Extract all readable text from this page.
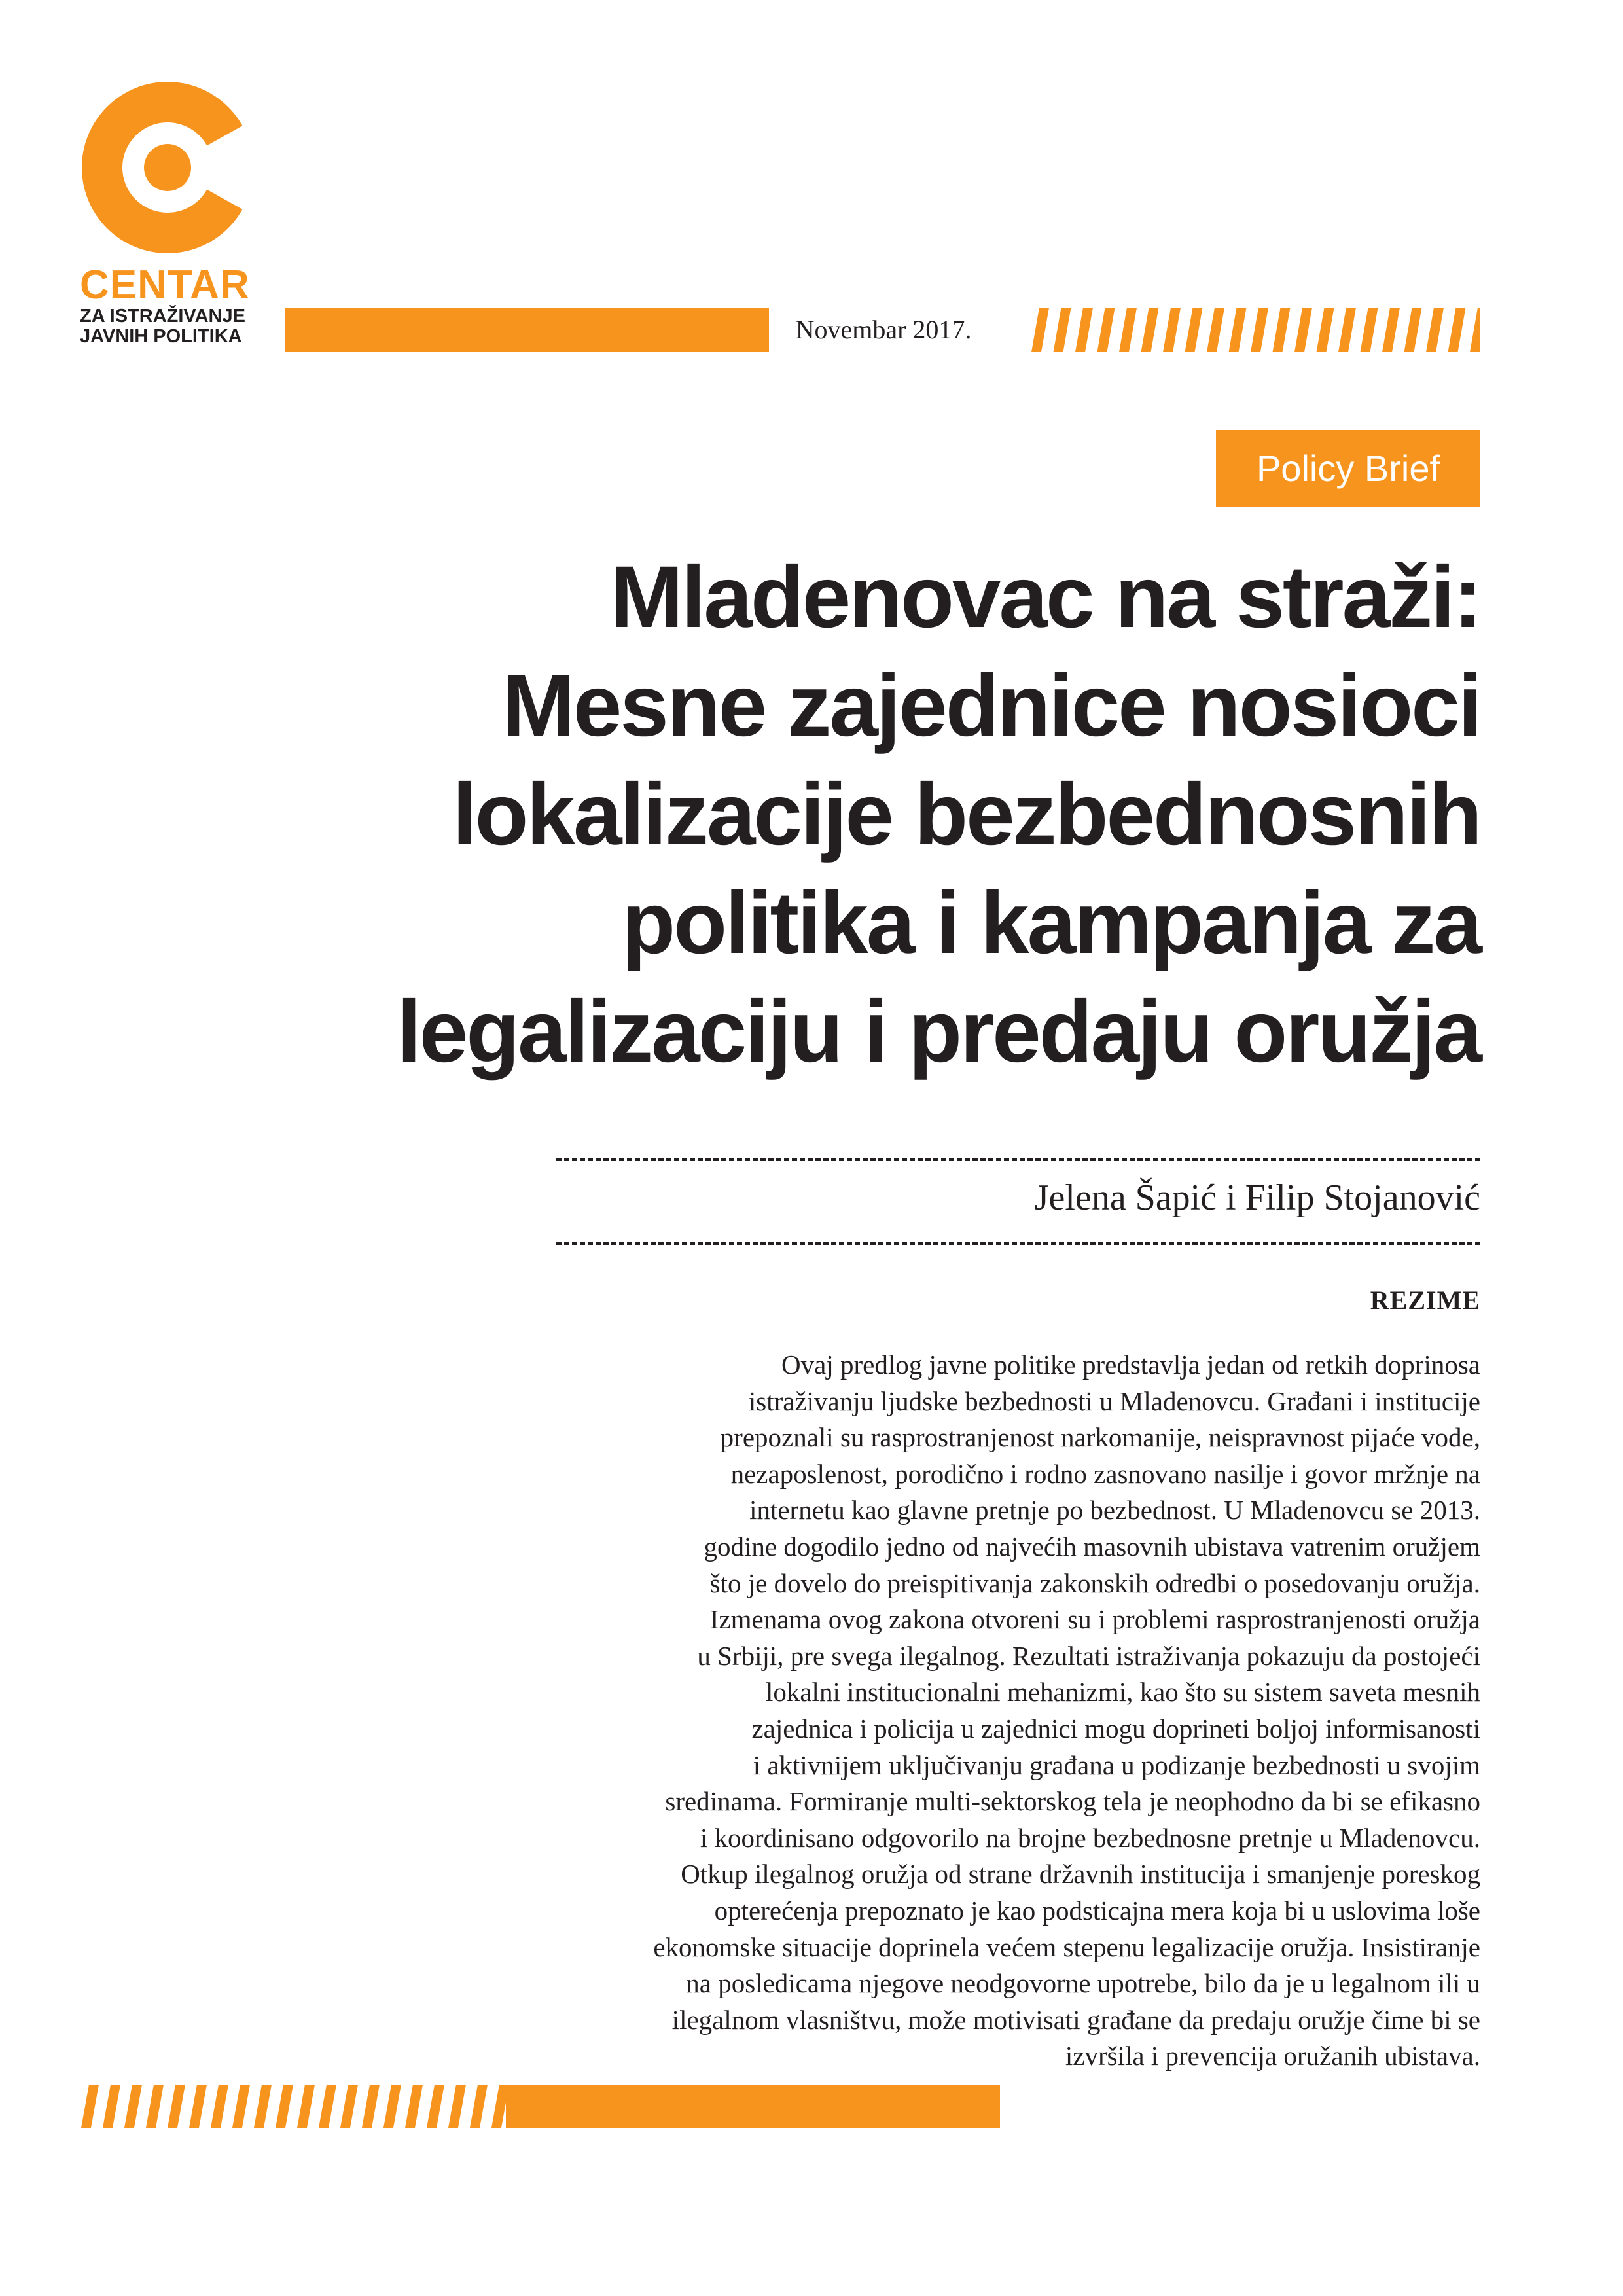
CENTAR
ZA ISTRAŽIVANJE
JAVNIH POLITIKA	Novembar 2017.
Policy Brief
Mladenovac na straži:
Mesne zajednice nosioci
lokalizacije bezbednosnih
politika i kampanja za
legalizaciju i predaju oružja
Jelena Šapić i Filip Stojanović
REZIME

Ovaj predlog javne politike predstavlja jedan od retkih doprinosa
istraživanju ljudske bezbednosti u Mladenovcu. Građani i institucije
prepoznali su rasprostranjenost narkomanije, neispravnost pijaće vode,
nezaposlenost, porodično i rodno zasnovano nasilje i govor mržnje na
internetu kao glavne pretnje po bezbednost. U Mladenovcu se 2013.
godine dogodilo jedno od najvećih masovnih ubistava vatrenim oružjem
što je dovelo do preispitivanja zakonskih odredbi o posedovanju oružja.
Izmenama ovog zakona otvoreni su i problemi rasprostranjenosti oružja
u Srbiji, pre svega ilegalnog. Rezultati istraživanja pokazuju da postojeći
lokalni institucionalni mehanizmi, kao što su sistem saveta mesnih
zajednica i policija u zajednici mogu doprineti boljoj informisanosti
i aktivnijem uključivanju građana u podizanje bezbednosti u svojim
sredinama. Formiranje multi-sektorskog tela je neophodno da bi se efikasno
i koordinisano odgovorilo na brojne bezbednosne pretnje u Mladenovcu.
Otkup ilegalnog oružja od strane državnih institucija i smanjenje poreskog
opterećenja prepoznato je kao podsticajna mera koja bi u uslovima loše
ekonomske situacije doprinela većem stepenu legalizacije oružja. Insistiranje
na posledicama njegove neodgovorne upotrebe, bilo da je u legalnom ili u
ilegalnom vlasništvu, može motivisati građane da predaju oružje čime bi se
izvršila i prevencija oružanih ubistava.
